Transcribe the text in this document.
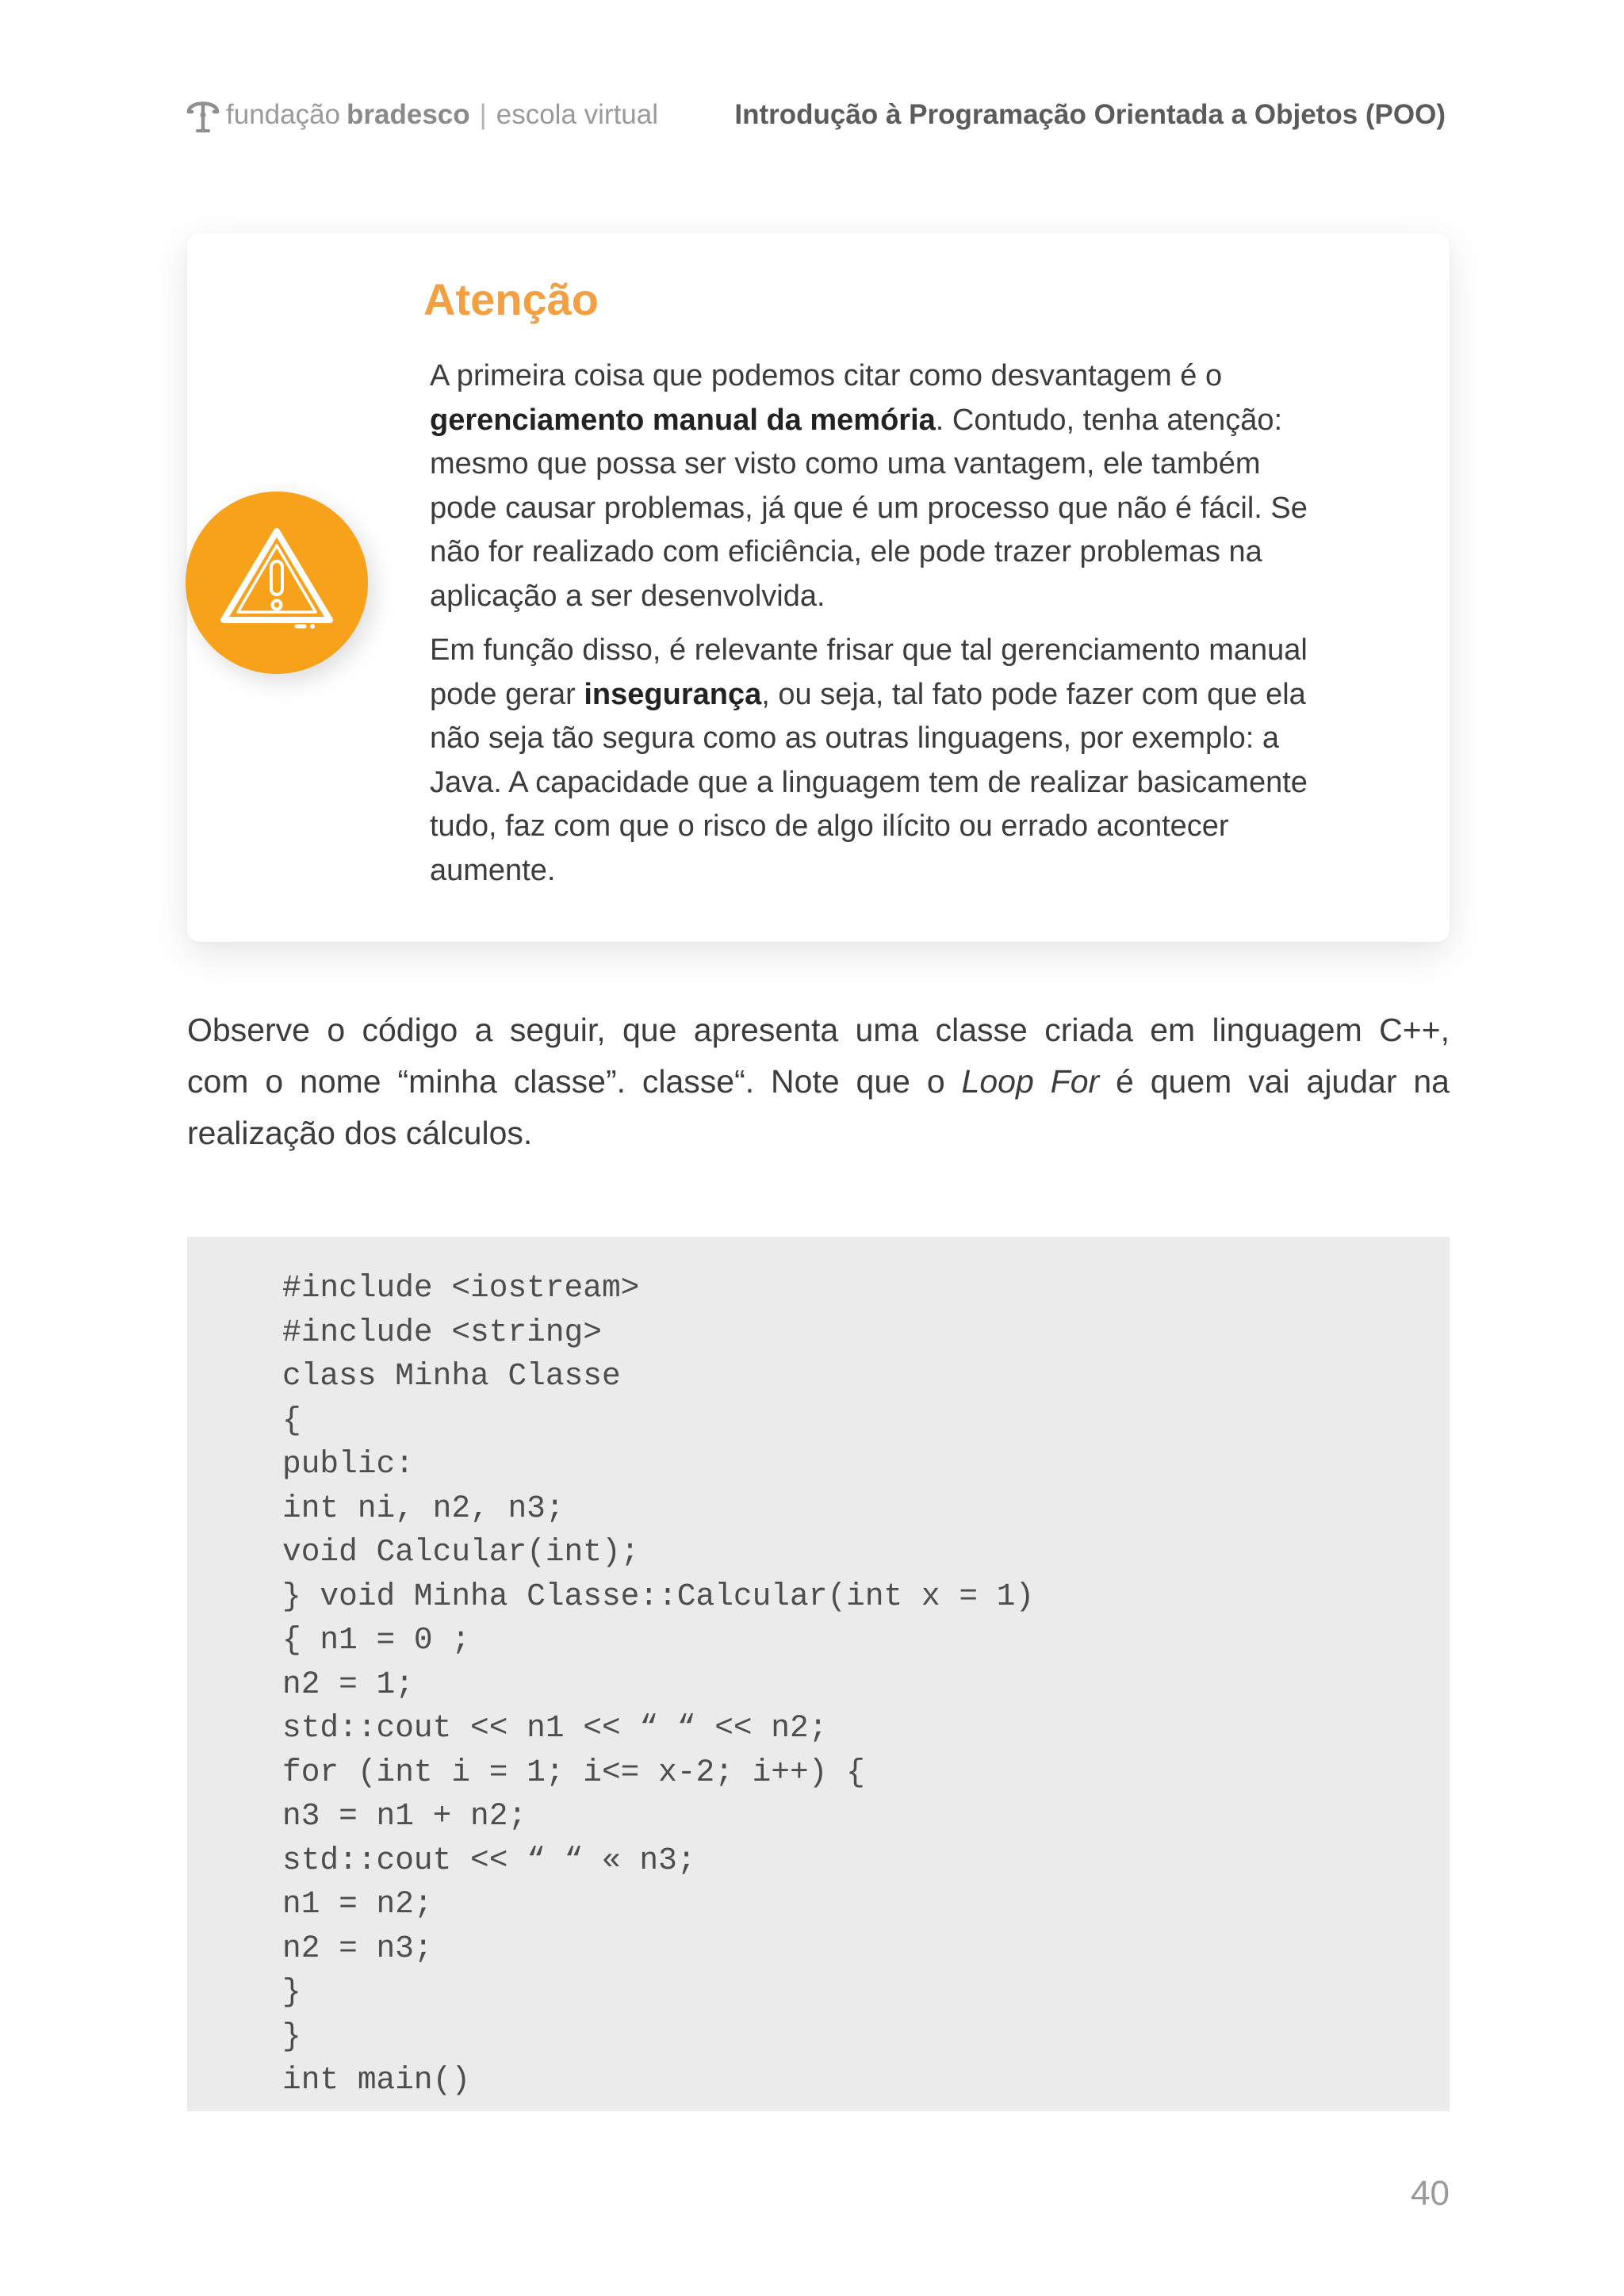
fundação bradesco | escola virtual	Introdução à Programação Orientada a Objetos (POO)
Atenção
A primeira coisa que podemos citar como desvantagem é o
gerenciamento manual da memória. Contudo, tenha atenção:
mesmo que possa ser visto como uma vantagem, ele também
pode causar problemas, já que é um processo que não é fácil. Se
não for realizado com eficiência, ele pode trazer problemas na
aplicação a ser desenvolvida.
Em função disso, é relevante frisar que tal gerenciamento manual
pode gerar insegurança, ou seja, tal fato pode fazer com que ela
não seja tão segura como as outras linguagens, por exemplo: a
Java. A capacidade que a linguagem tem de realizar basicamente
tudo, faz com que o risco de algo ilícito ou errado acontecer
aumente.
Observe o código a seguir, que apresenta uma classe criada em linguagem C++,
com o nome “minha classe”. classe“. Note que o Loop For é quem vai ajudar na
realização dos cálculos.
#include <iostream>
#include <string>
class Minha Classe
{
public:
int ni, n2, n3;
void Calcular(int);
} void Minha Classe::Calcular(int x = 1)
{ n1 = 0 ;
n2 = 1;
std::cout << n1 << “ “ << n2;
for (int i = 1; i<= x-2; i++) {
n3 = n1 + n2;
std::cout << “ “ « n3;
n1 = n2;
n2 = n3;
}
}
int main()
40
